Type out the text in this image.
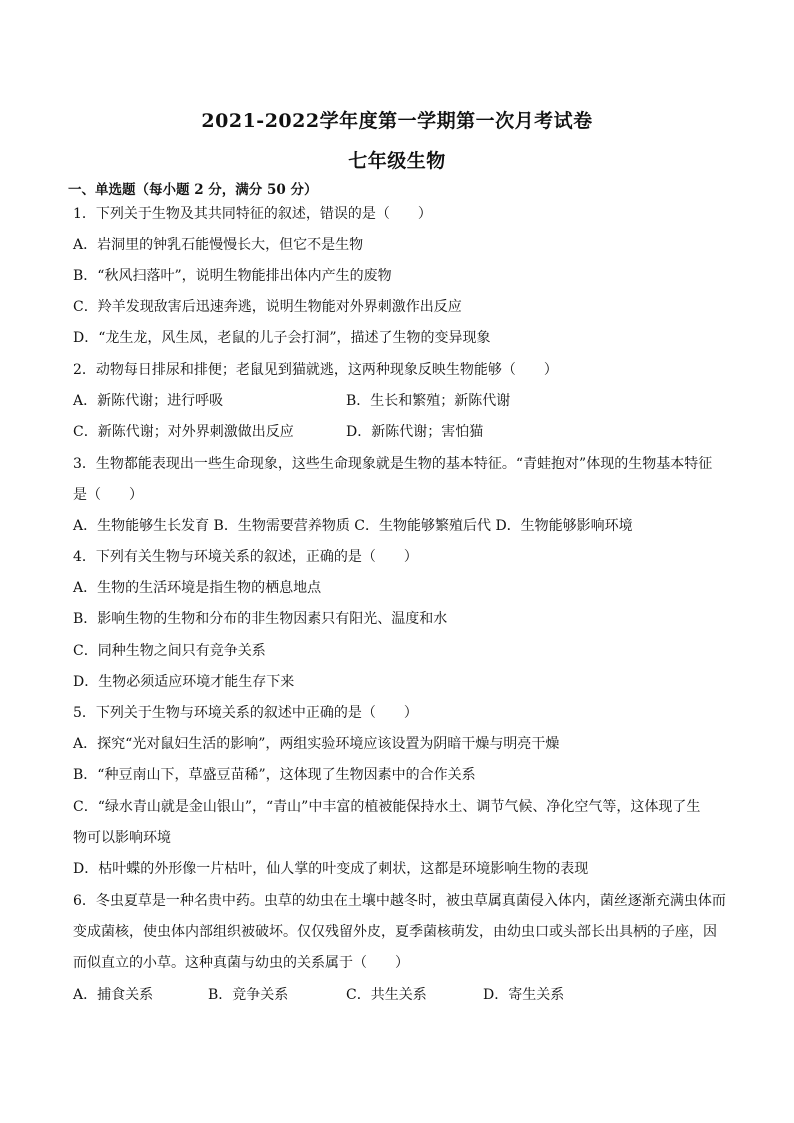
2021-2022学年度第一学期第一次月考试卷
七年级生物
一、单选题（每小题 2 分，满分 50 分）
1．下列关于生物及其共同特征的叙述，错误的是（　　）
A．岩洞里的钟乳石能慢慢长大，但它不是生物
B．“秋风扫落叶”，说明生物能排出体内产生的废物
C．羚羊发现敌害后迅速奔逃，说明生物能对外界刺激作出反应
D．“龙生龙，风生凤，老鼠的儿子会打洞”，描述了生物的变异现象
2．动物每日排尿和排便；老鼠见到猫就逃，这两种现象反映生物能够（　　）
A．新陈代谢；进行呼吸	B．生长和繁殖；新陈代谢
C．新陈代谢；对外界刺激做出反应	D．新陈代谢；害怕猫
3．生物都能表现出一些生命现象，这些生命现象就是生物的基本特征。“青蛙抱对”体现的生物基本特征
是（　　）
A．生物能够生长发育 B．生物需要营养物质 C．生物能够繁殖后代 D．生物能够影响环境
4．下列有关生物与环境关系的叙述，正确的是（　　）
A．生物的生活环境是指生物的栖息地点
B．影响生物的生物和分布的非生物因素只有阳光、温度和水
C．同种生物之间只有竞争关系
D．生物必须适应环境才能生存下来
5．下列关于生物与环境关系的叙述中正确的是（　　）
A．探究“光对鼠妇生活的影响”，两组实验环境应该设置为阴暗干燥与明亮干燥
B．“种豆南山下，草盛豆苗稀”，这体现了生物因素中的合作关系
C．“绿水青山就是金山银山”，“青山”中丰富的植被能保持水土、调节气候、净化空气等，这体现了生
物可以影响环境
D．枯叶蝶的外形像一片枯叶，仙人掌的叶变成了刺状，这都是环境影响生物的表现
6．冬虫夏草是一种名贵中药。虫草的幼虫在土壤中越冬时，被虫草属真菌侵入体内，菌丝逐渐充满虫体而
变成菌核，使虫体内部组织被破坏。仅仅残留外皮，夏季菌核萌发，由幼虫口或头部长出具柄的子座，因
而似直立的小草。这种真菌与幼虫的关系属于（　　）
A．捕食关系	B．竞争关系	C．共生关系	D．寄生关系
